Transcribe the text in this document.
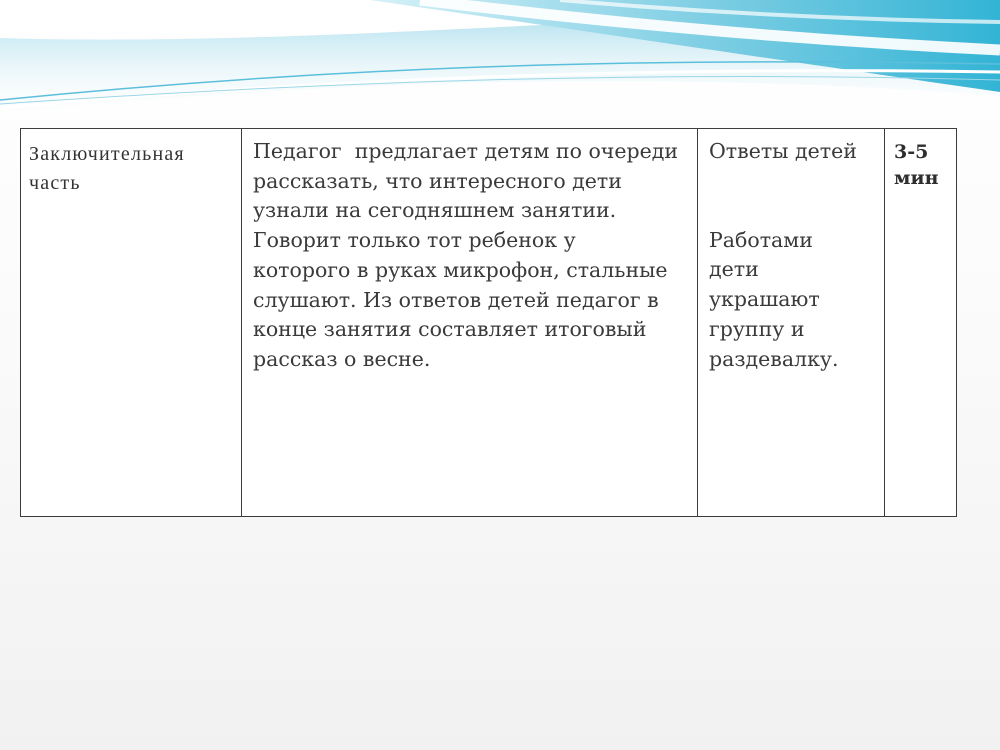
Заключительная
часть
Педагог  предлагает детям по очереди
рассказать, что интересного дети
узнали на сегодняшнем занятии.
Говорит только тот ребенок у
которого в руках микрофон, стальные
слушают. Из ответов детей педагог в
конце занятия составляет итоговый
рассказ о весне.
Ответы детей
Работами
дети
украшают
группу и
раздевалку.
3-5
мин
